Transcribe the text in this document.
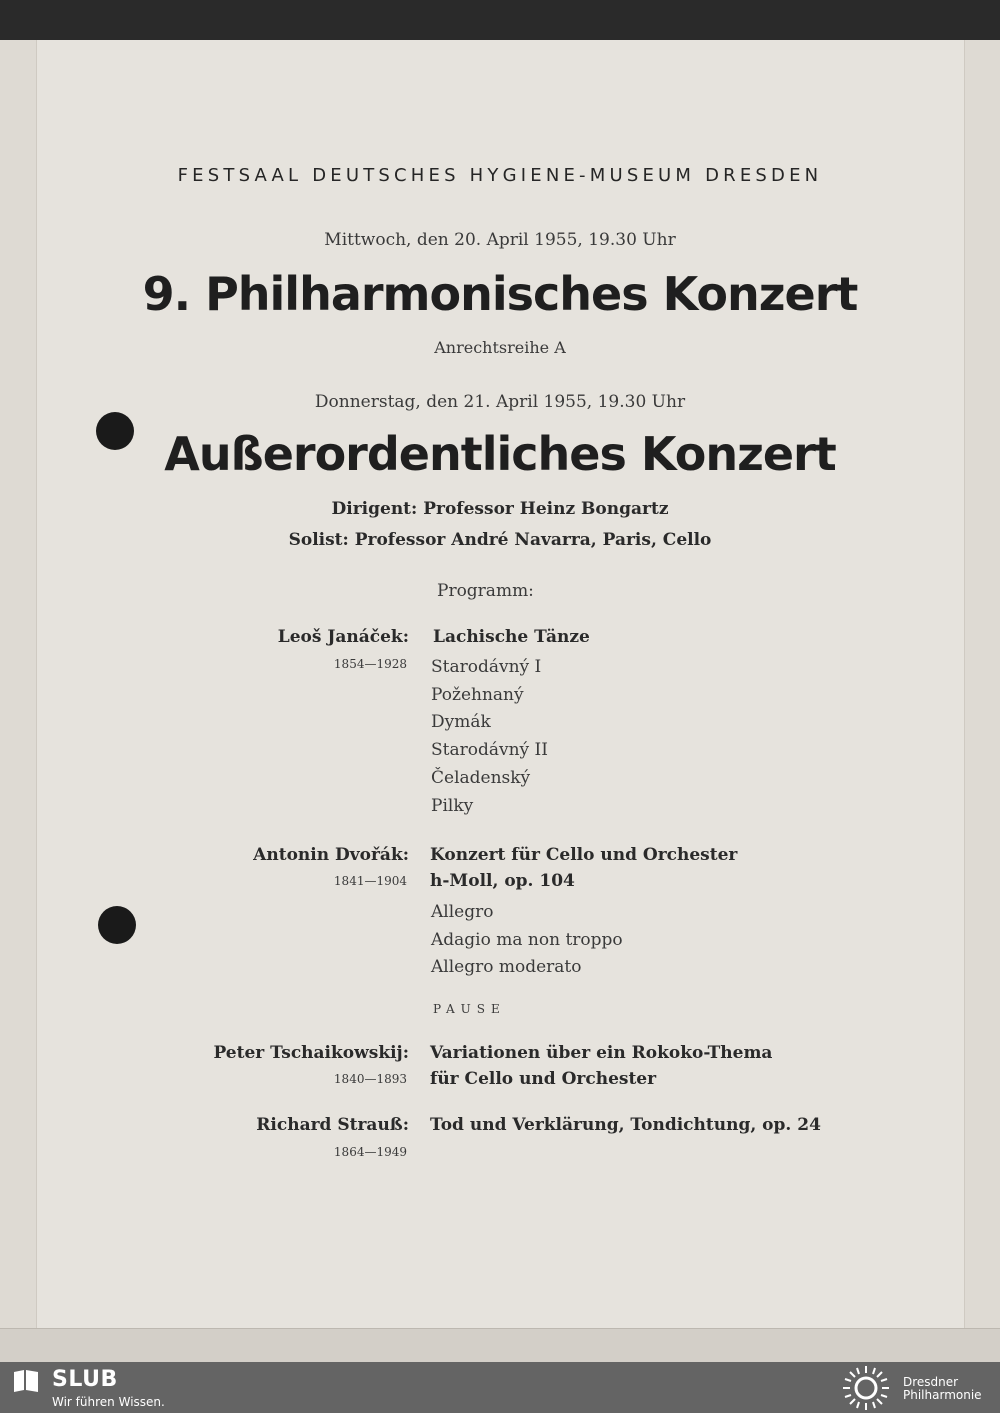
FESTSAAL DEUTSCHES HYGIENE-MUSEUM DRESDEN
Mittwoch, den 20. April 1955, 19.30 Uhr
9. Philharmonisches Konzert
Anrechtsreihe A
Donnerstag, den 21. April 1955, 19.30 Uhr
Außerordentliches Konzert
Dirigent: Professor Heinz Bongartz
Solist: Professor André Navarra, Paris, Cello
Programm:
Leoš Janáček:
1854—1928
Lachische Tänze
Starodávný I
Požehnaný
Dymák
Starodávný II
Čeladenský
Pilky
Antonin Dvořák:
1841—1904
Konzert für Cello und Orchester
h-Moll, op. 104
Allegro
Adagio ma non troppo
Allegro moderato
PAUSE
Peter Tschaikowskij:
1840—1893
Variationen über ein Rokoko-Thema
für Cello und Orchester
Richard Strauß:
1864—1949
Tod und Verklärung, Tondichtung, op. 24
SLUB
Wir führen Wissen.
Dresdner
Philharmonie
